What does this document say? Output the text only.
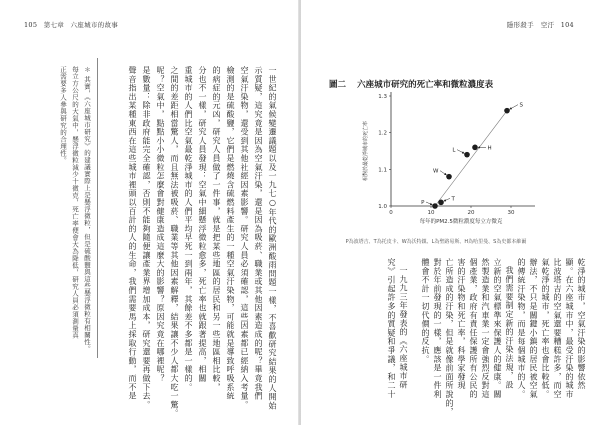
105 第七章 六座城市的故事
一世紀的氣候變遷議題以及一九七○年代的歐洲酸雨問題一樣，不喜歡研究結果的人開始
示質疑，這究竟是因為空氣汙染，還是因為吸菸、職業或其他因素造成的呢？畢竟我們
空氣汙染物，還受到其他社經因素影響。研究人員必須確認，這些因素都已經納入考量。
檢測的是硫酸鹽，它們是燃燒含硫燃料產生的一種空氣汙染物，可能就是導致呼吸系統
的病症的元凶，研究人員做了一件事，就是把某些地區的居民和另一些地區相比較，
分也不一樣，研究人員發現：空氣中細懸浮微粒愈多，死亡率也就跟著提高，相關
重城市的人們比空氣最乾淨城市的人們平均早死一到兩年，其餘差不多都是一樣的。
之間的差距相當驚人，而且無法被吸菸、職業等其他因素解釋，結果讓不少人都大吃一驚。
呢？空氣中，點點小小微粒怎麼會對健康造成這麼大的影響？原因究竟在哪裡呢？
是數量：除非政府能完全確認，否則不能夠隨便讓產業界增加成本，研究還要再做下去。
聲音指出某種東西在這些城市裡頭以百計的人的生命，我們需要馬上採取行動，而不是
＊ 其實，《六座城市研究》的建議實際上是懸浮微粒，但是硫酸鹽與這些懸浮微粒有相關性。
每立方公尺的大氣中，懸浮微粒減少十微克，死亡率便會大為降低，研究人員必須測量真
正需要多人參與研究的合理性。
隱形殺手　空汙 104
圖二 六座城市研究的死亡率和微粒濃度表
1.0
1.1
1.2
1.3
0	10	20	30
每年的PM2.5微粒濃度每立方微克
相對於最乾淨城市的死亡率
P
T
W
L	H
S
P為波塔吉、T為托皮卡、W為沃特鎮、L為聖路易斯、H為哈里曼、S為史都本維爾
乾淨的城市，空氣汙染的影響依然
顯。在六座城市中，最受汙染的城市
比波塔吉的空氣還要糟糕許多，而空
氣乾淨的城市，死亡率也會比較低。
辦法，不只是關鍵小鎮的居民被空氣
的傳統汙染物，而是每個城市的人。
我們需要制定新的汙染法規，設
立新的空氣標準來保護人的健康。關
然製造業和汽車業一定會強烈反對這
個產業，政府有責任保護所有公民的
害的汙染物和死亡率，科學家發現
亡所造成的汙染，但是就像前面所說的，
對於年前發現的一樣，應該是一件利
體會不計一切代價的反抗。
一九九三年發表的《六座城市研
究》引起許多的質疑和爭議，和二十
